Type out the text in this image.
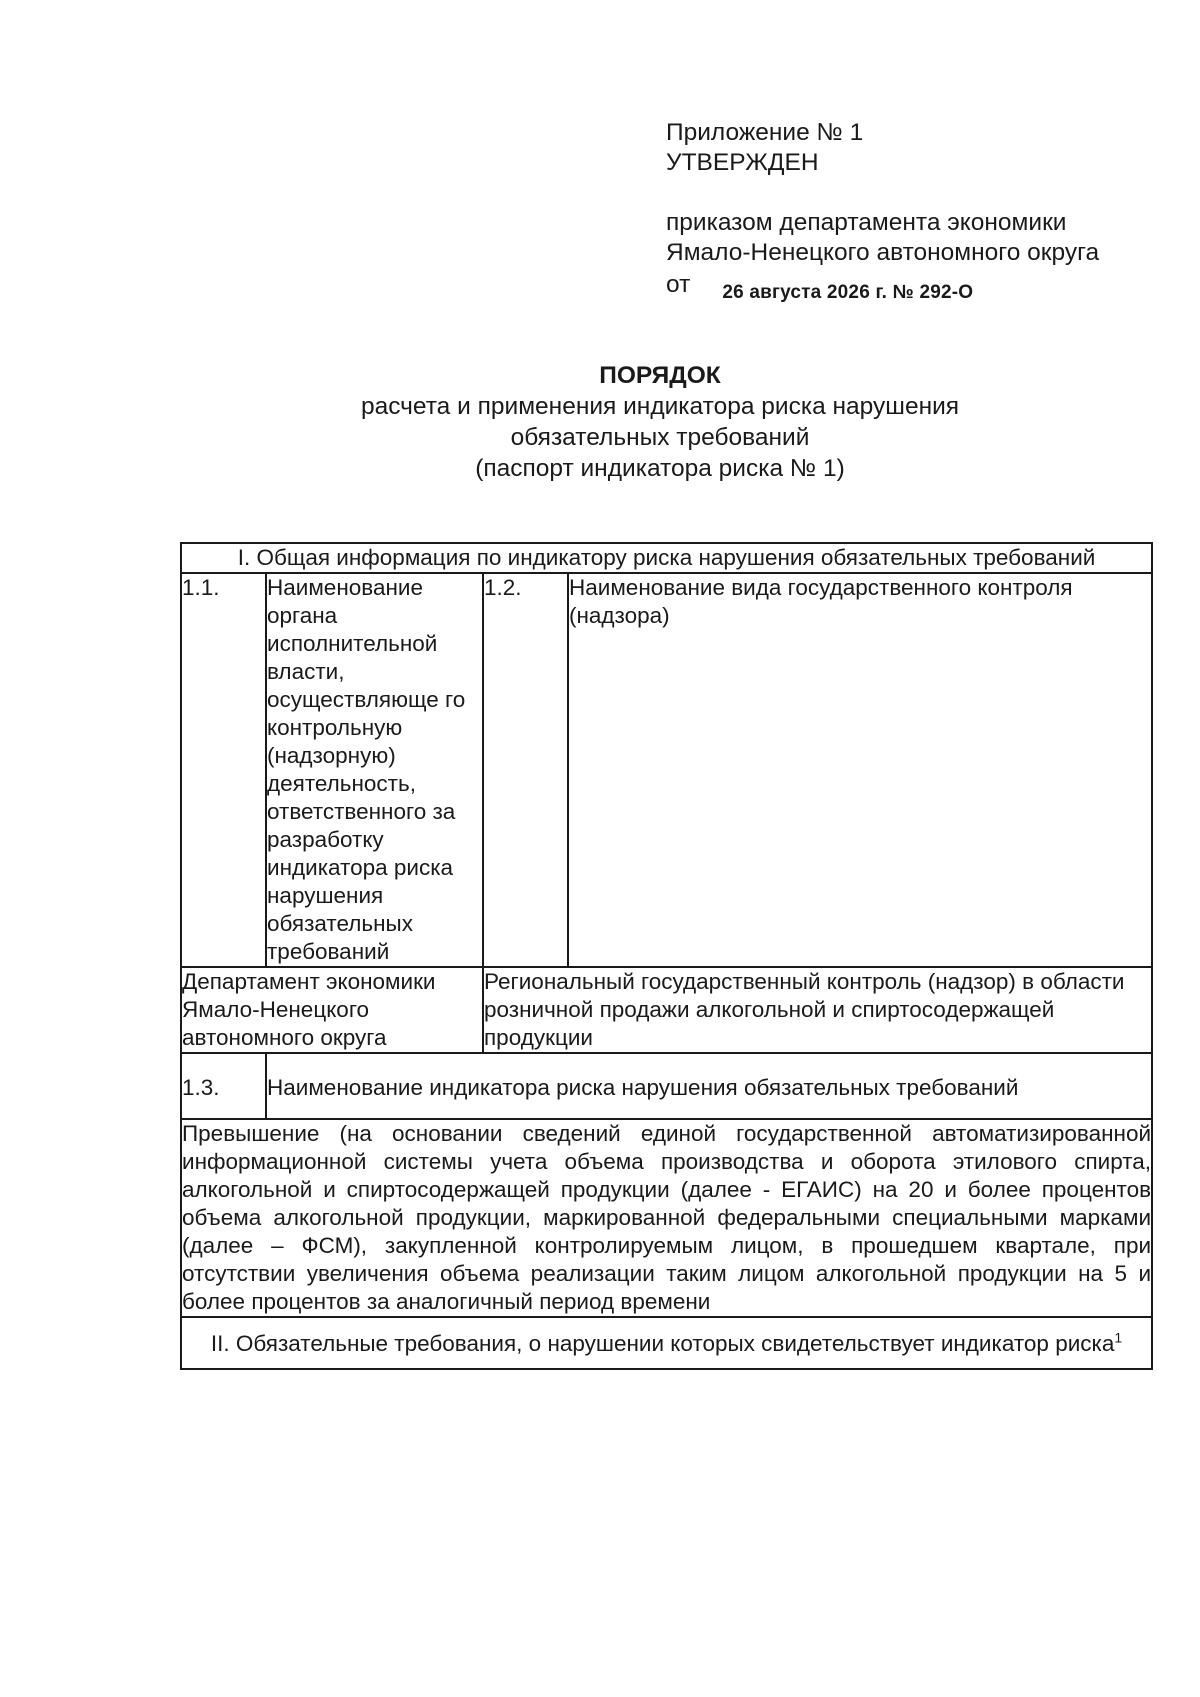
Приложение № 1
УТВЕРЖДЕН
приказом департамента экономики
Ямало-Ненецкого автономного округа
от 26 августа 2026 г. № 292-О
ПОРЯДОК
расчета и применения индикатора риска нарушения
обязательных требований
(паспорт индикатора риска № 1)
I. Общая информация по индикатору риска нарушения обязательных требований			
1.1.	Наименование органа исполнительной власти, осуществляюще го контрольную (надзорную) деятельность, ответственного за разработку индикатора риска нарушения обязательных требований	1.2.	Наименование вида государственного контроля (надзора)
Департамент экономики Ямало-Ненецкого автономного округа		Региональный государственный контроль (надзор) в области розничной продажи алкогольной и спиртосодержащей продукции	
1.3.	Наименование индикатора риска нарушения обязательных требований		
Превышение (на основании сведений единой государственной автоматизированной информационной системы учета объема производства и оборота этилового спирта, алкогольной и спиртосодержащей продукции (далее - ЕГАИС) на 20 и более процентов объема алкогольной продукции, маркированной федеральными специальными марками (далее – ФСМ), закупленной контролируемым лицом, в прошедшем квартале, при отсутствии увеличения объема реализации таким лицом алкогольной продукции на 5 и более процентов за аналогичный период времени			
II. Обязательные требования, о нарушении которых свидетельствует индикатор риска$^1$
